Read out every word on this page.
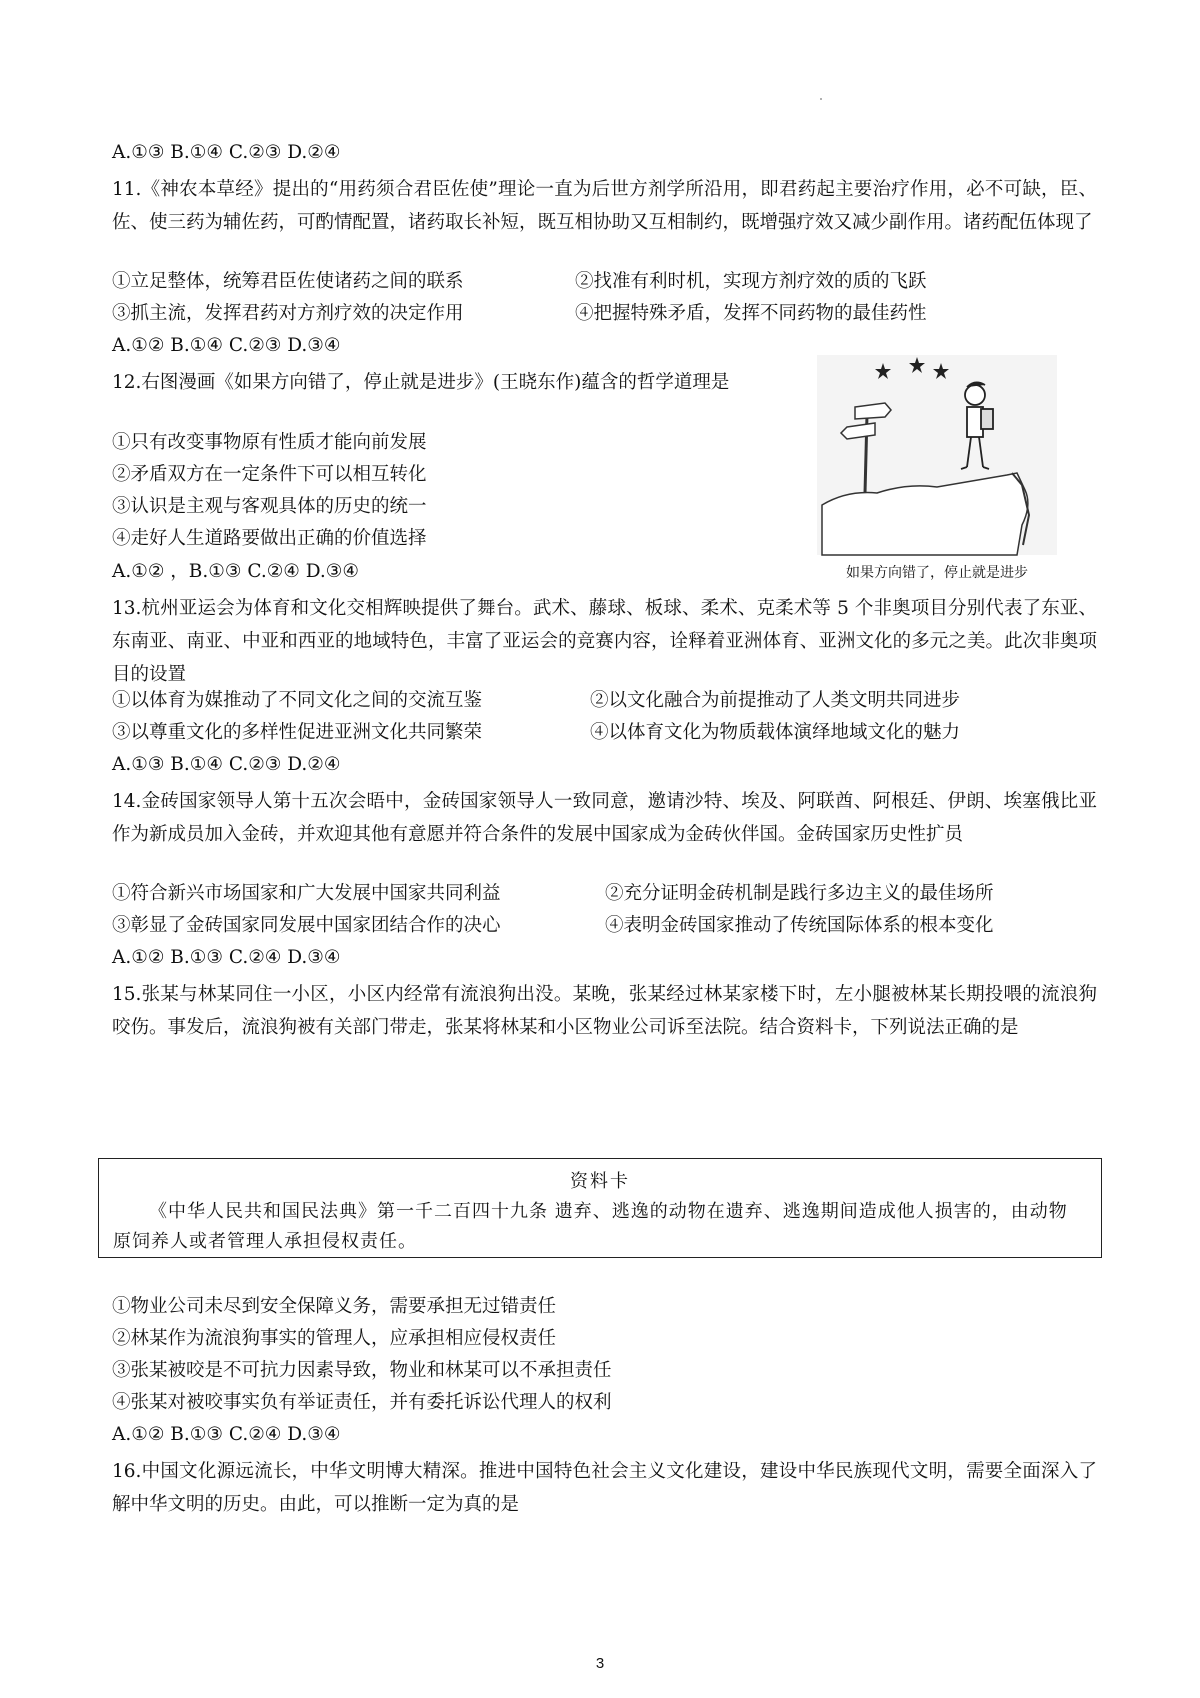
A.①③ B.①④ C.②③ D.②④
11.《神农本草经》提出的“用药须合君臣佐使”理论一直为后世方剂学所沿用，即君药起主要治疗作用，必不可缺，臣、佐、使三药为辅佐药，可酌情配置，诸药取长补短，既互相协助又互相制约，既增强疗效又减少副作用。诸药配伍体现了
①立足整体，统筹君臣佐使诸药之间的联系	②找准有利时机，实现方剂疗效的质的飞跃
③抓主流，发挥君药对方剂疗效的决定作用	④把握特殊矛盾，发挥不同药物的最佳药性
A.①② B.①④ C.②③ D.③④
12.右图漫画《如果方向错了，停止就是进步》(王晓东作)蕴含的哲学道理是
①只有改变事物原有性质才能向前发展
②矛盾双方在一定条件下可以相互转化
③认识是主观与客观具体的历史的统一
④走好人生道路要做出正确的价值选择
A.①② ，B.①③ C.②④ D.③④	如果方向错了，停止就是进步
13.杭州亚运会为体育和文化交相辉映提供了舞台。武术、藤球、板球、柔术、克柔术等 5 个非奥项目分别代表了东亚、东南亚、南亚、中亚和西亚的地域特色，丰富了亚运会的竞赛内容，诠释着亚洲体育、亚洲文化的多元之美。此次非奥项目的设置
①以体育为媒推动了不同文化之间的交流互鉴	②以文化融合为前提推动了人类文明共同进步
③以尊重文化的多样性促进亚洲文化共同繁荣	④以体育文化为物质载体演绎地域文化的魅力
A.①③ B.①④ C.②③ D.②④
14.金砖国家领导人第十五次会晤中，金砖国家领导人一致同意，邀请沙特、埃及、阿联酋、阿根廷、伊朗、埃塞俄比亚作为新成员加入金砖，并欢迎其他有意愿并符合条件的发展中国家成为金砖伙伴国。金砖国家历史性扩员
①符合新兴市场国家和广大发展中国家共同利益	②充分证明金砖机制是践行多边主义的最佳场所
③彰显了金砖国家同发展中国家团结合作的决心	④表明金砖国家推动了传统国际体系的根本变化
A.①② B.①③ C.②④ D.③④
15.张某与林某同住一小区，小区内经常有流浪狗出没。某晚，张某经过林某家楼下时，左小腿被林某长期投喂的流浪狗咬伤。事发后，流浪狗被有关部门带走，张某将林某和小区物业公司诉至法院。结合资料卡，下列说法正确的是
资料卡
《中华人民共和国民法典》第一千二百四十九条 遗弃、逃逸的动物在遗弃、逃逸期间造成他人损害的，由动物原饲养人或者管理人承担侵权责任。
①物业公司未尽到安全保障义务，需要承担无过错责任
②林某作为流浪狗事实的管理人，应承担相应侵权责任
③张某被咬是不可抗力因素导致，物业和林某可以不承担责任
④张某对被咬事实负有举证责任，并有委托诉讼代理人的权利
A.①② B.①③ C.②④ D.③④
16.中国文化源远流长，中华文明博大精深。推进中国特色社会主义文化建设，建设中华民族现代文明，需要全面深入了解中华文明的历史。由此，可以推断一定为真的是
3
